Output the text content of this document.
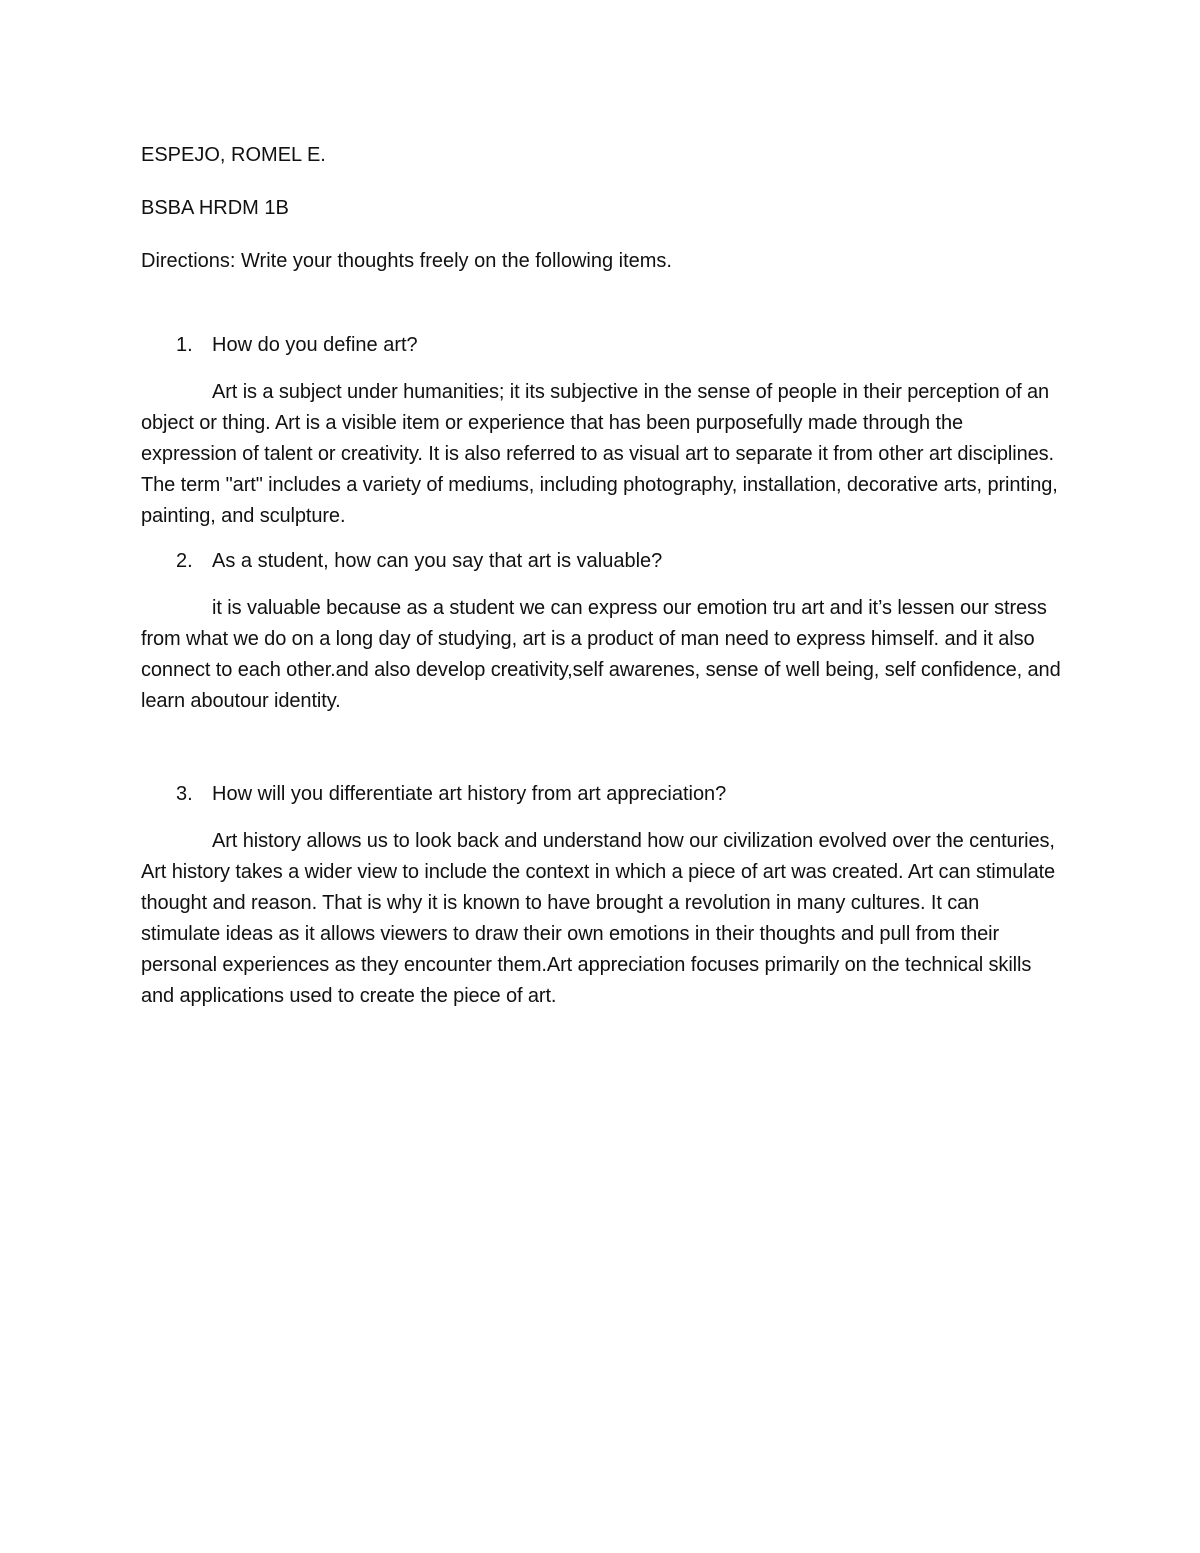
ESPEJO, ROMEL E.

BSBA HRDM 1B

Directions: Write your thoughts freely on the following items.

1. How do you define art?

Art is a subject under humanities; it its subjective in the sense of people in their perception of an object or thing. Art is a visible item or experience that has been purposefully made through the expression of talent or creativity. It is also referred to as visual art to separate it from other art disciplines. The term "art" includes a variety of mediums, including photography, installation, decorative arts, printing, painting, and sculpture.

2. As a student, how can you say that art is valuable?

it is valuable because as a student we can express our emotion tru art and it’s lessen our stress from what we do on a long day of studying, art is a product of man need to express himself. and it also connect to each other.and also develop creativity,self awarenes, sense of well being, self confidence, and learn aboutour identity.

3. How will you differentiate art history from art appreciation?

Art history allows us to look back and understand how our civilization evolved over the centuries, Art history takes a wider view to include the context in which a piece of art was created. Art can stimulate thought and reason. That is why it is known to have brought a revolution in many cultures. It can stimulate ideas as it allows viewers to draw their own emotions in their thoughts and pull from their personal experiences as they encounter them.Art appreciation focuses primarily on the technical skills and applications used to create the piece of art.
